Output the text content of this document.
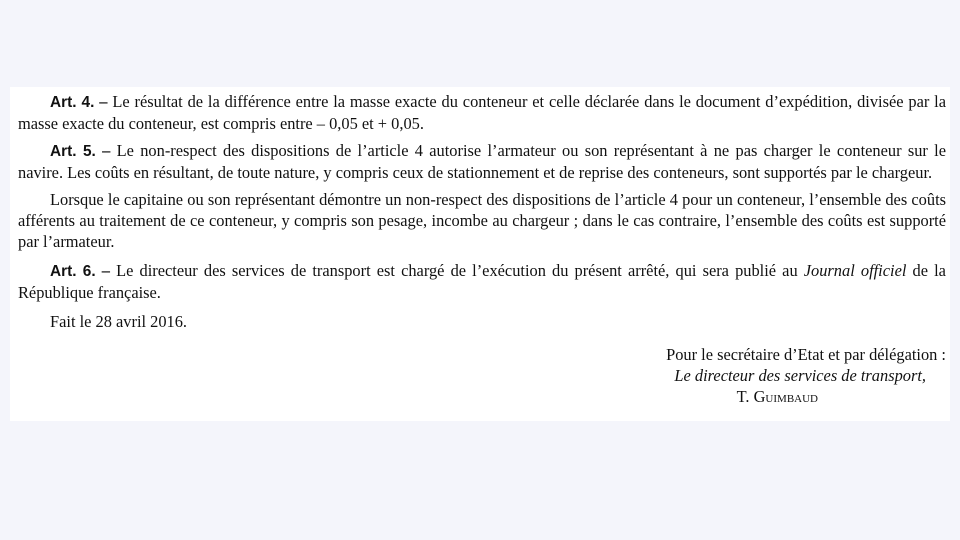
Art. 4. – Le résultat de la différence entre la masse exacte du conteneur et celle déclarée dans le document d’expédition, divisée par la masse exacte du conteneur, est compris entre – 0,05 et + 0,05.

Art. 5. – Le non-respect des dispositions de l’article 4 autorise l’armateur ou son représentant à ne pas charger le conteneur sur le navire. Les coûts en résultant, de toute nature, y compris ceux de stationnement et de reprise des conteneurs, sont supportés par le chargeur.

Lorsque le capitaine ou son représentant démontre un non-respect des dispositions de l’article 4 pour un conteneur, l’ensemble des coûts afférents au traitement de ce conteneur, y compris son pesage, incombe au chargeur ; dans le cas contraire, l’ensemble des coûts est supporté par l’armateur.

Art. 6. – Le directeur des services de transport est chargé de l’exécution du présent arrêté, qui sera publié au Journal officiel de la République française.

Fait le 28 avril 2016.

Pour le secrétaire d’Etat et par délégation :
Le directeur des services de transport,
T. Guimbaud
